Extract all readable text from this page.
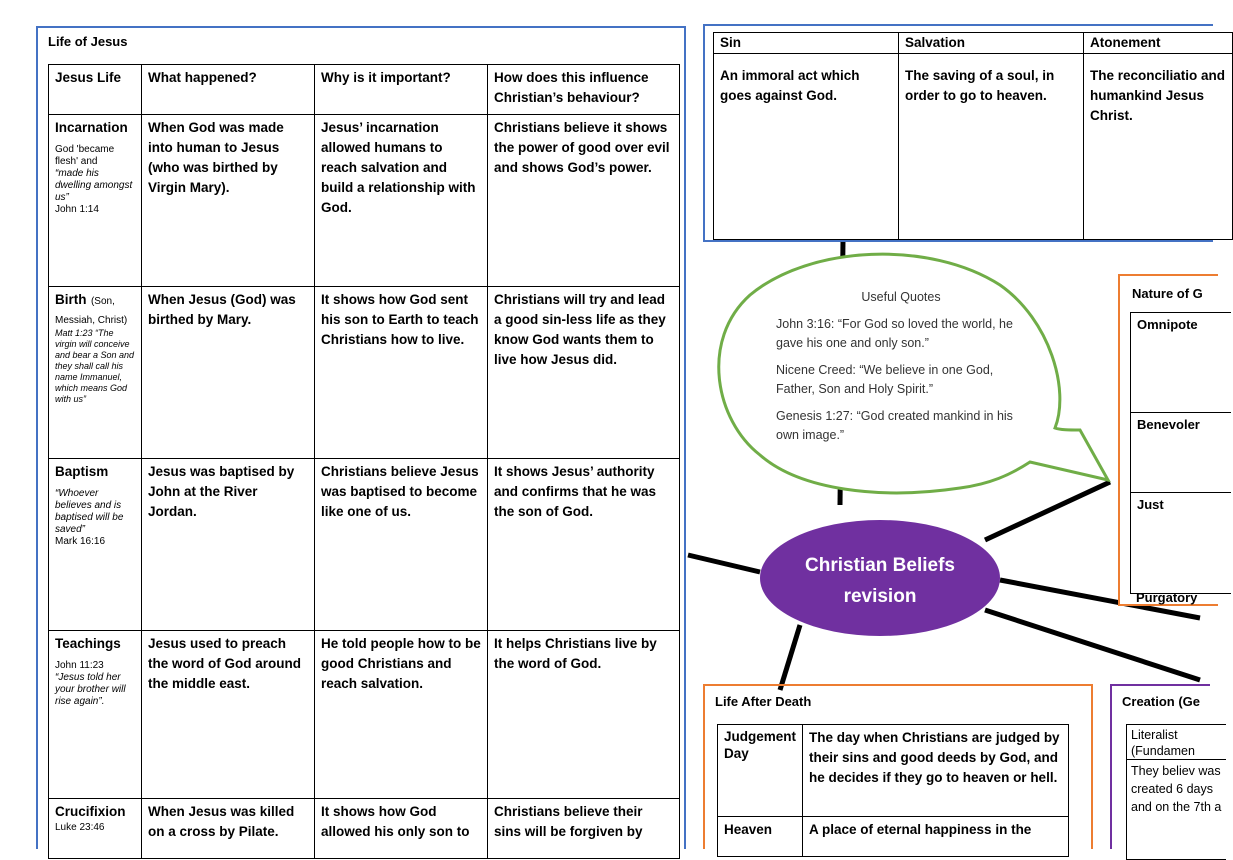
Life of Jesus
Jesus Life	What happened?	Why is it important?	How does this influence Christian’s behaviour?

Incarnation
God 'became flesh' and
“made his dwelling amongst us”
John 1:14	When God was made into human to Jesus (who was birthed by Virgin Mary).	Jesus’ incarnation allowed humans to reach salvation and build a relationship with God.	Christians believe it shows the power of good over evil and shows God’s power.

Birth (Son, Messiah, Christ)
Matt 1:23 “The virgin will conceive and bear a Son and they shall call his name Immanuel, which means God with us”	When Jesus (God) was birthed by Mary.	It shows how God sent his son to Earth to teach Christians how to live.	Christians will try and lead a good sin-less life as they know God wants them to live how Jesus did.

Baptism
“Whoever believes and is baptised will be saved”
Mark 16:16	Jesus was baptised by John at the River Jordan.	Christians believe Jesus was baptised to become like one of us.	It shows Jesus’ authority and confirms that he was the son of God.

Teachings
John 11:23
“Jesus told her your brother will rise again”.	Jesus used to preach the word of God around the middle east.	He told people how to be good Christians and reach salvation.	It helps Christians live by the word of God.

Crucifixion
Luke 23:46	When Jesus was killed on a cross by Pilate.	It shows how God allowed his only son to	Christians believe their sins will be forgiven by
Sin	Salvation	Atonement
An immoral act which goes against God.	The saving of a soul, in order to go to heaven.	The reconciliatio and humankind Jesus Christ.
Useful Quotes
John 3:16: “For God so loved the world, he gave his one and only son.”
Nicene Creed: “We believe in one God, Father, Son and Holy Spirit.”
Genesis 1:27: “God created mankind in his own image.”
Christian Beliefs revision
Nature of G
Omnipote
Benevoler
Just
Purgatory
Life After Death
Judgement Day	The day when Christians are judged by their sins and good deeds by God, and he decides if they go to heaven or hell.
Heaven	A place of eternal happiness in the
Creation (Ge
Literalist (Fundamen
They believ was created 6 days and on the 7th a
